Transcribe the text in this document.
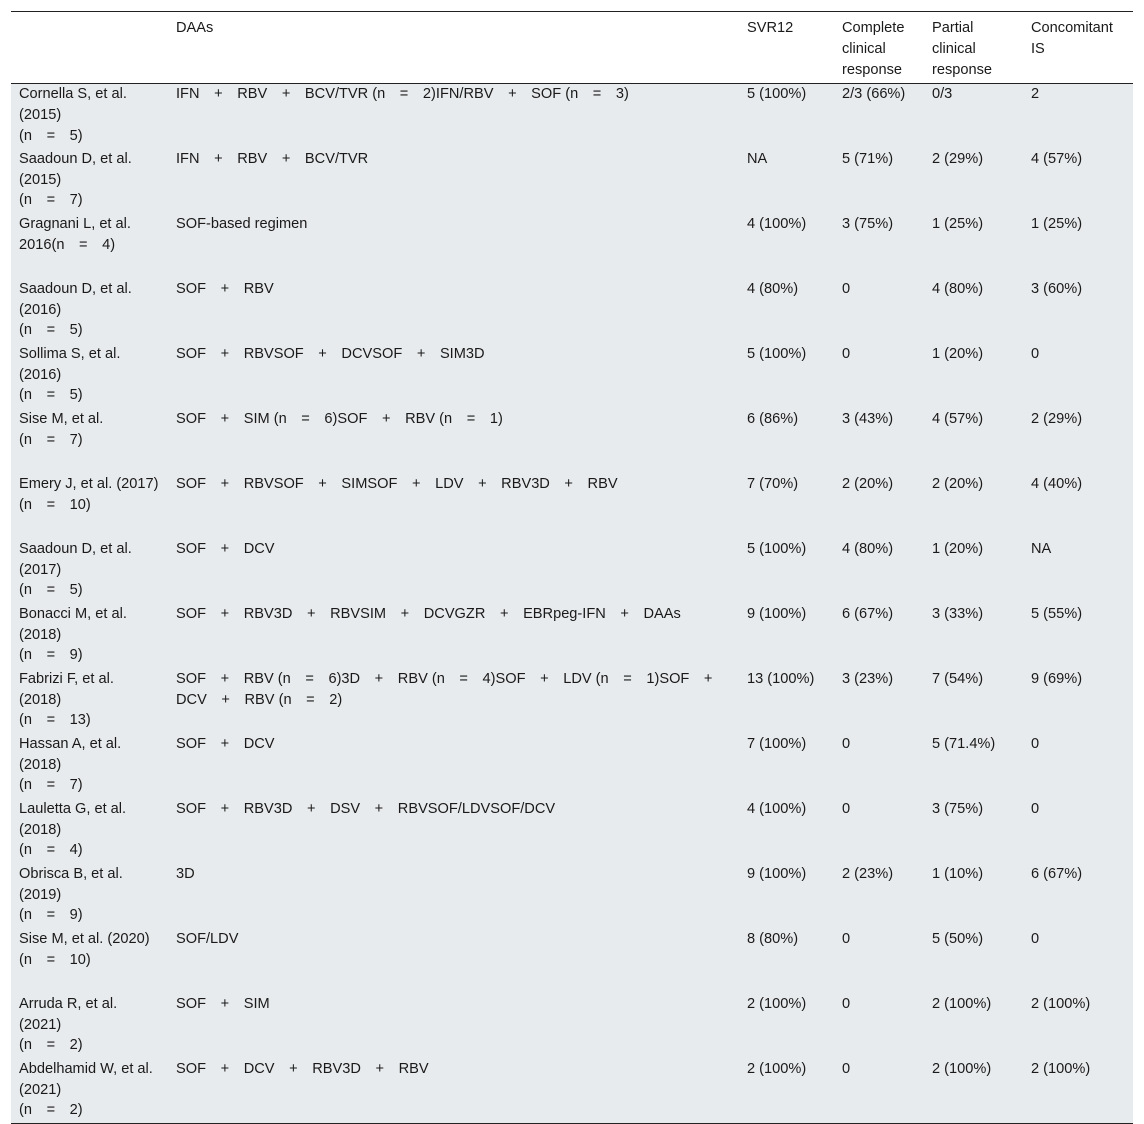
	DAAs	SVR12	Complete clinical response	Partial clinical response	Concomitant IS
Cornella S, et al. (2015)
(n = 5)	IFN + RBV + BCV/TVR (n = 2)IFN/RBV + SOF (n = 3)	5 (100%)	2/3 (66%)	0/3	2
Saadoun D, et al. (2015)
(n = 7)	IFN + RBV + BCV/TVR	NA	5 (71%)	2 (29%)	4 (57%)
Gragnani L, et al. 2016(n = 4)	SOF-based regimen	4 (100%)	3 (75%)	1 (25%)	1 (25%)
Saadoun D, et al. (2016)
(n = 5)	SOF + RBV	4 (80%)	0	4 (80%)	3 (60%)
Sollima S, et al. (2016)
(n = 5)	SOF + RBVSOF + DCVSOF + SIM3D	5 (100%)	0	1 (20%)	0
Sise M, et al.
(n = 7)	SOF + SIM (n = 6)SOF + RBV (n = 1)	6 (86%)	3 (43%)	4 (57%)	2 (29%)
Emery J, et al. (2017)
(n = 10)	SOF + RBVSOF + SIMSOF + LDV + RBV3D + RBV	7 (70%)	2 (20%)	2 (20%)	4 (40%)
Saadoun D, et al. (2017)
(n = 5)	SOF + DCV	5 (100%)	4 (80%)	1 (20%)	NA
Bonacci M, et al. (2018)
(n = 9)	SOF + RBV3D + RBVSIM + DCVGZR + EBRpeg-IFN + DAAs	9 (100%)	6 (67%)	3 (33%)	5 (55%)
Fabrizi F, et al. (2018)
(n = 13)	SOF + RBV (n = 6)3D + RBV (n = 4)SOF + LDV (n = 1)SOF + DCV + RBV (n = 2)	13 (100%)	3 (23%)	7 (54%)	9 (69%)
Hassan A, et al. (2018)
(n = 7)	SOF + DCV	7 (100%)	0	5 (71.4%)	0
Lauletta G, et al. (2018)
(n = 4)	SOF + RBV3D + DSV + RBVSOF/LDVSOF/DCV	4 (100%)	0	3 (75%)	0
Obrisca B, et al. (2019)
(n = 9)	3D	9 (100%)	2 (23%)	1 (10%)	6 (67%)
Sise M, et al. (2020)
(n = 10)	SOF/LDV	8 (80%)	0	5 (50%)	0
Arruda R, et al. (2021)
(n = 2)	SOF + SIM	2 (100%)	0	2 (100%)	2 (100%)
Abdelhamid W, et al. (2021)
(n = 2)	SOF + DCV + RBV3D + RBV	2 (100%)	0	2 (100%)	2 (100%)
